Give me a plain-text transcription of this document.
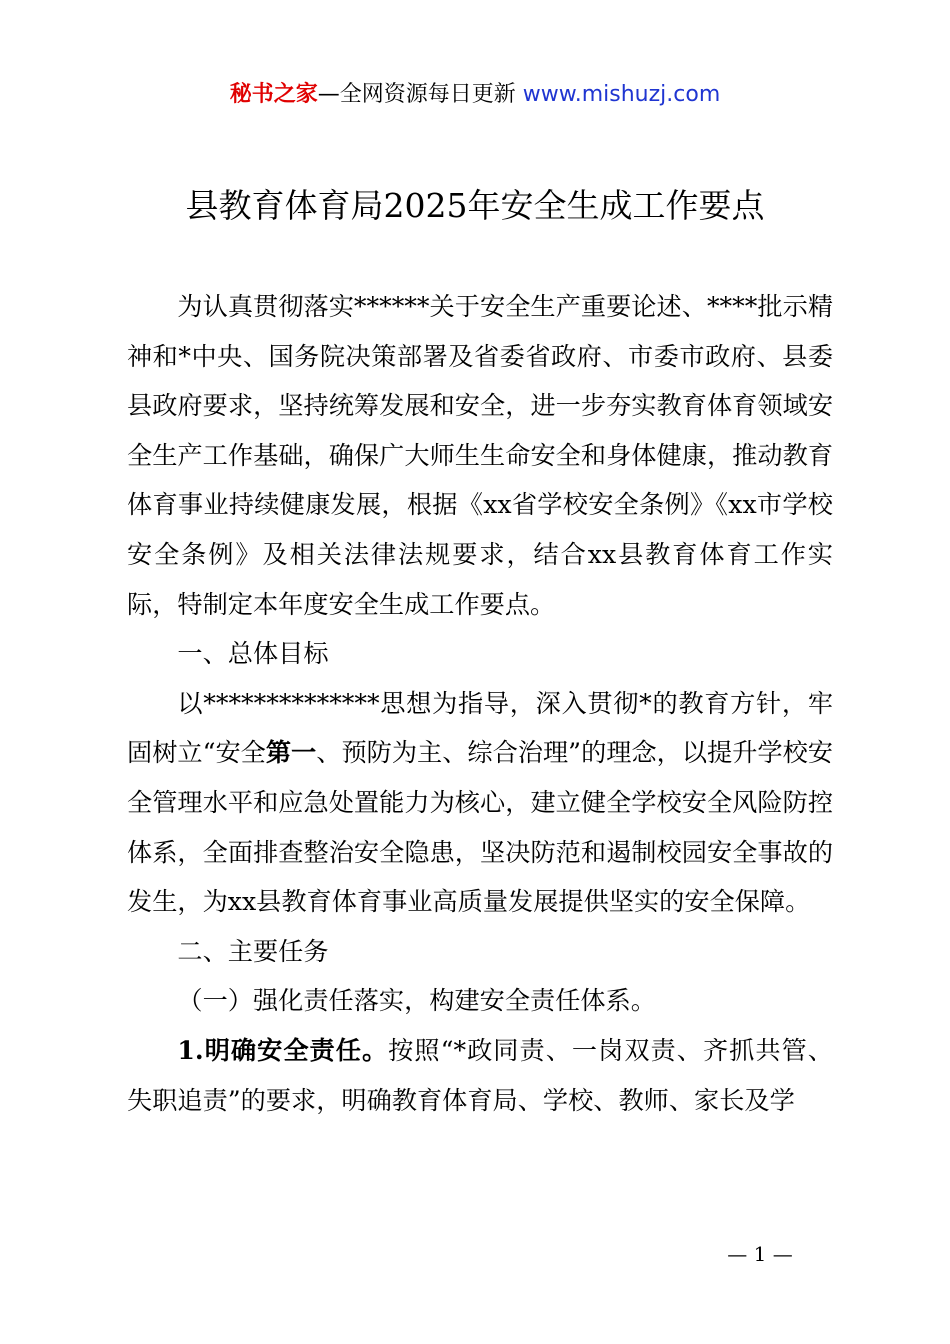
秘书之家—全网资源每日更新 www.mishuzj.com
县教育体育局2025年安全生成工作要点

为认真贯彻落实******关于安全生产重要论述、****批示精神和*中央、国务院决策部署及省委省政府、市委市政府、县委县政府要求，坚持统筹发展和安全，进一步夯实教育体育领域安全生产工作基础，确保广大师生生命安全和身体健康，推动教育体育事业持续健康发展，根据《xx省学校安全条例》《xx市学校安全条例》及相关法律法规要求，结合xx县教育体育工作实际，特制定本年度安全生成工作要点。

一、总体目标

以**************思想为指导，深入贯彻*的教育方针，牢固树立“安全第一、预防为主、综合治理”的理念，以提升学校安全管理水平和应急处置能力为核心，建立健全学校安全风险防控体系，全面排查整治安全隐患，坚决防范和遏制校园安全事故的发生，为xx县教育体育事业高质量发展提供坚实的安全保障。

二、主要任务

（一）强化责任落实，构建安全责任体系。

1.明确安全责任。按照“*政同责、一岗双责、齐抓共管、失职追责”的要求，明确教育体育局、学校、教师、家长及学

— 1 —
